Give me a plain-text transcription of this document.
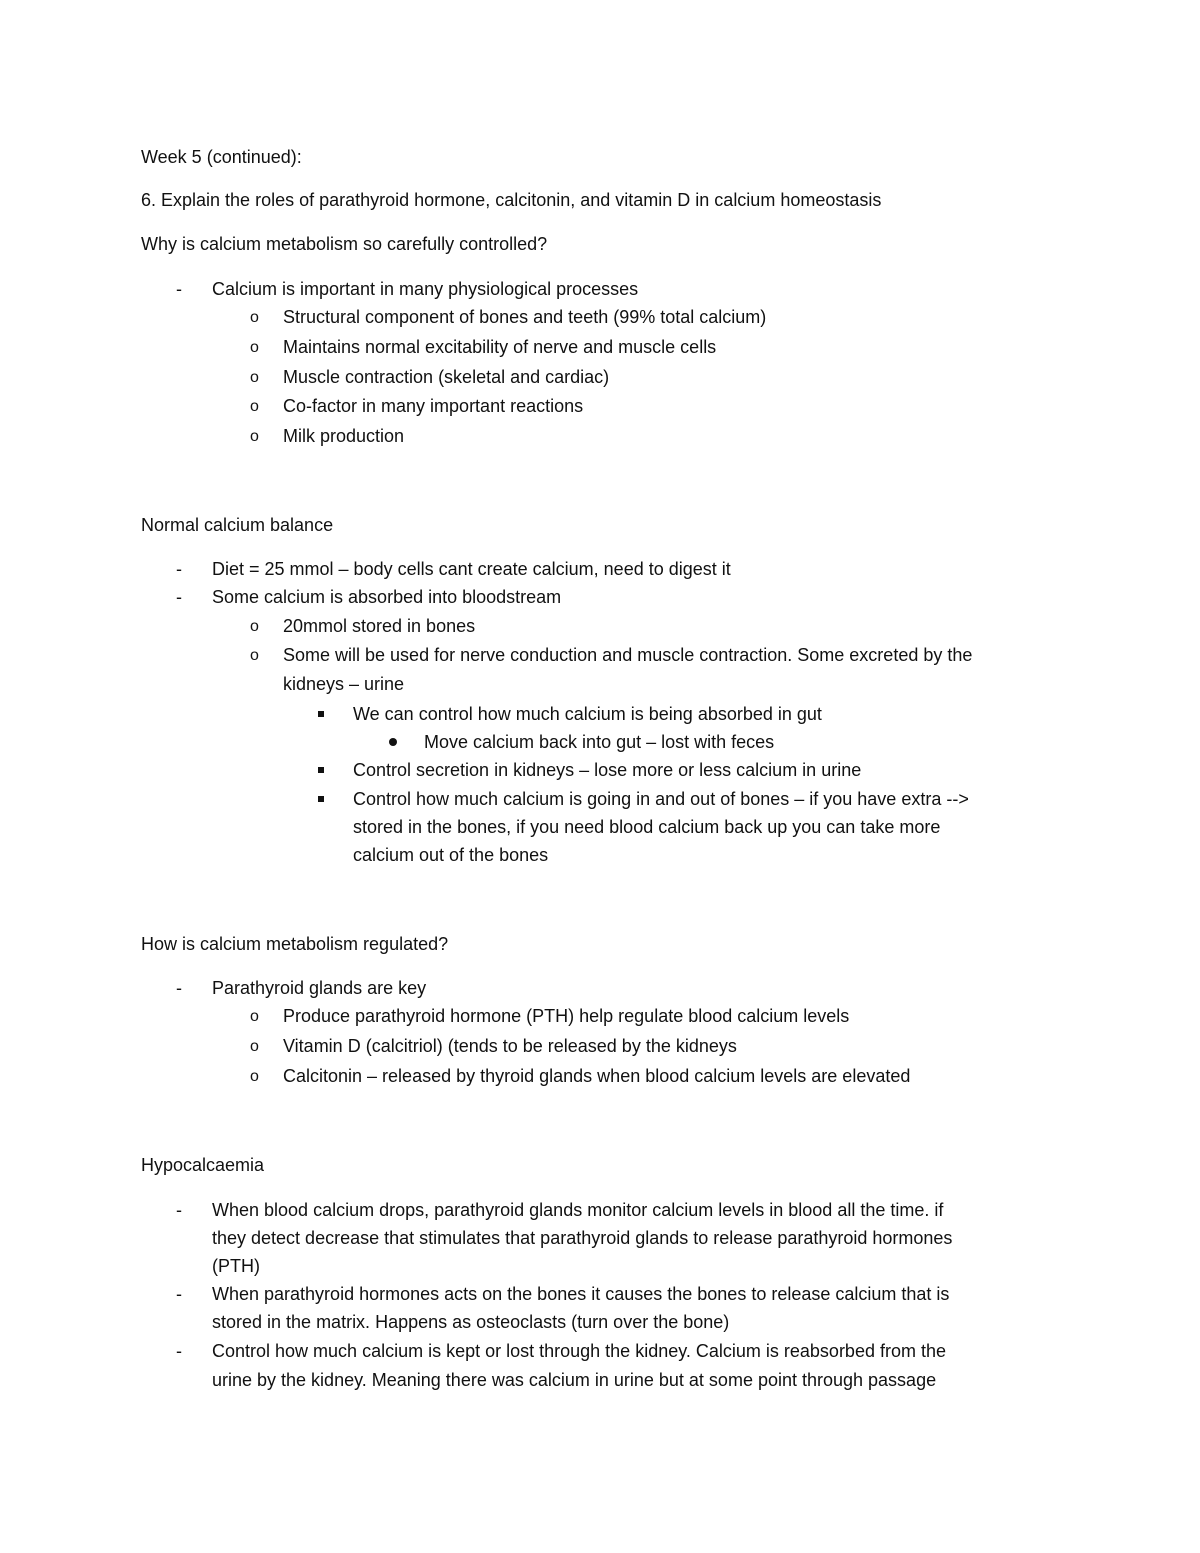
Week 5 (continued):
6. Explain the roles of parathyroid hormone, calcitonin, and vitamin D in calcium homeostasis
Why is calcium metabolism so carefully controlled?
- Calcium is important in many physiological processes
o Structural component of bones and teeth (99% total calcium)
o Maintains normal excitability of nerve and muscle cells
o Muscle contraction (skeletal and cardiac)
o Co-factor in many important reactions
o Milk production
Normal calcium balance
- Diet = 25 mmol – body cells cant create calcium, need to digest it
- Some calcium is absorbed into bloodstream
o 20mmol stored in bones
o Some will be used for nerve conduction and muscle contraction. Some excreted by the
kidneys – urine
We can control how much calcium is being absorbed in gut
Move calcium back into gut – lost with feces
Control secretion in kidneys – lose more or less calcium in urine
Control how much calcium is going in and out of bones – if you have extra -->
stored in the bones, if you need blood calcium back up you can take more
calcium out of the bones
How is calcium metabolism regulated?
- Parathyroid glands are key
o Produce parathyroid hormone (PTH) help regulate blood calcium levels
o Vitamin D (calcitriol) (tends to be released by the kidneys
o Calcitonin – released by thyroid glands when blood calcium levels are elevated
Hypocalcaemia
- When blood calcium drops, parathyroid glands monitor calcium levels in blood all the time. if
they detect decrease that stimulates that parathyroid glands to release parathyroid hormones
(PTH)
- When parathyroid hormones acts on the bones it causes the bones to release calcium that is
stored in the matrix. Happens as osteoclasts (turn over the bone)
- Control how much calcium is kept or lost through the kidney. Calcium is reabsorbed from the
urine by the kidney. Meaning there was calcium in urine but at some point through passage
